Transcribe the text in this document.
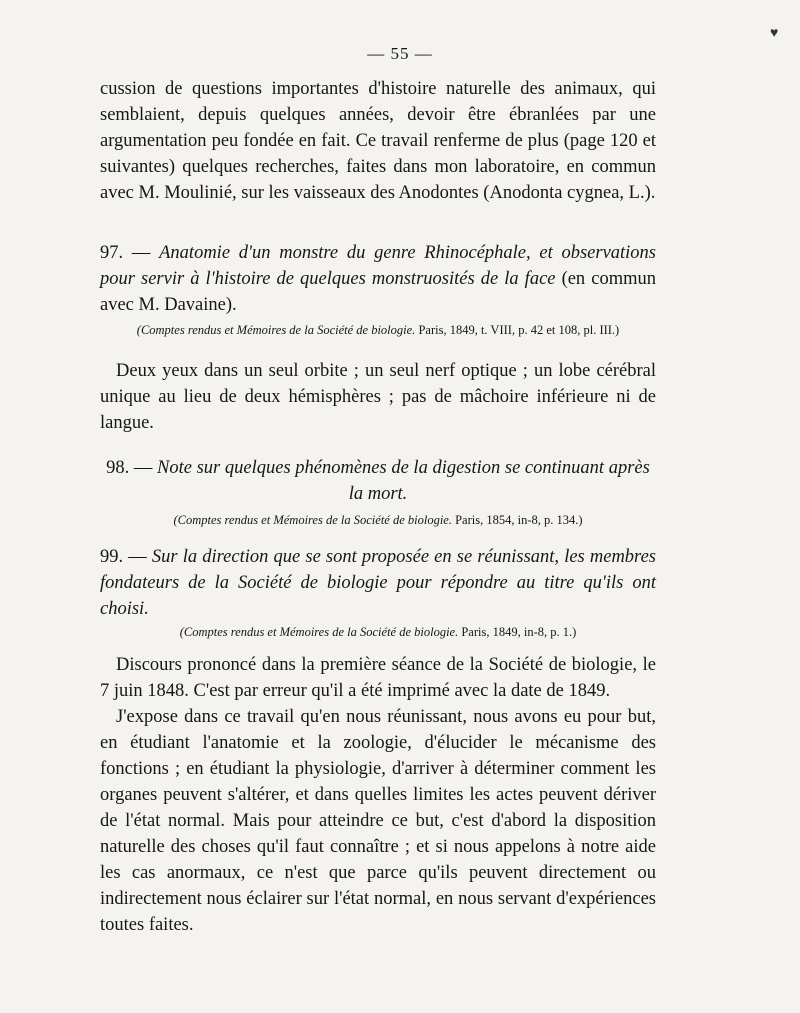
— 55 —
♥
cussion de questions importantes d'histoire naturelle des animaux, qui semblaient, depuis quelques années, devoir être ébranlées par une argumentation peu fondée en fait. Ce travail renferme de plus (page 120 et suivantes) quelques recherches, faites dans mon laboratoire, en commun avec M. Moulinié, sur les vaisseaux des Anodontes (Anodonta cygnea, L.).
97. — Anatomie d'un monstre du genre Rhinocéphale, et observations pour servir à l'histoire de quelques monstruosités de la face (en commun avec M. Davaine).
(Comptes rendus et Mémoires de la Société de biologie. Paris, 1849, t. VIII, p. 42 et 108, pl. III.)
Deux yeux dans un seul orbite ; un seul nerf optique ; un lobe cérébral unique au lieu de deux hémisphères ; pas de mâchoire inférieure ni de langue.
98. — Note sur quelques phénomènes de la digestion se continuant après la mort.
(Comptes rendus et Mémoires de la Société de biologie. Paris, 1854, in-8, p. 134.)
99. — Sur la direction que se sont proposée en se réunissant, les membres fondateurs de la Société de biologie pour répondre au titre qu'ils ont choisi.
(Comptes rendus et Mémoires de la Société de biologie. Paris, 1849, in-8, p. 1.)
Discours prononcé dans la première séance de la Société de biologie, le 7 juin 1848. C'est par erreur qu'il a été imprimé avec la date de 1849.
J'expose dans ce travail qu'en nous réunissant, nous avons eu pour but, en étudiant l'anatomie et la zoologie, d'élucider le mécanisme des fonctions ; en étudiant la physiologie, d'arriver à déterminer comment les organes peuvent s'altérer, et dans quelles limites les actes peuvent dériver de l'état normal. Mais pour atteindre ce but, c'est d'abord la disposition naturelle des choses qu'il faut connaître ; et si nous appelons à notre aide les cas anormaux, ce n'est que parce qu'ils peuvent directement ou indirectement nous éclairer sur l'état normal, en nous servant d'expériences toutes faites.
